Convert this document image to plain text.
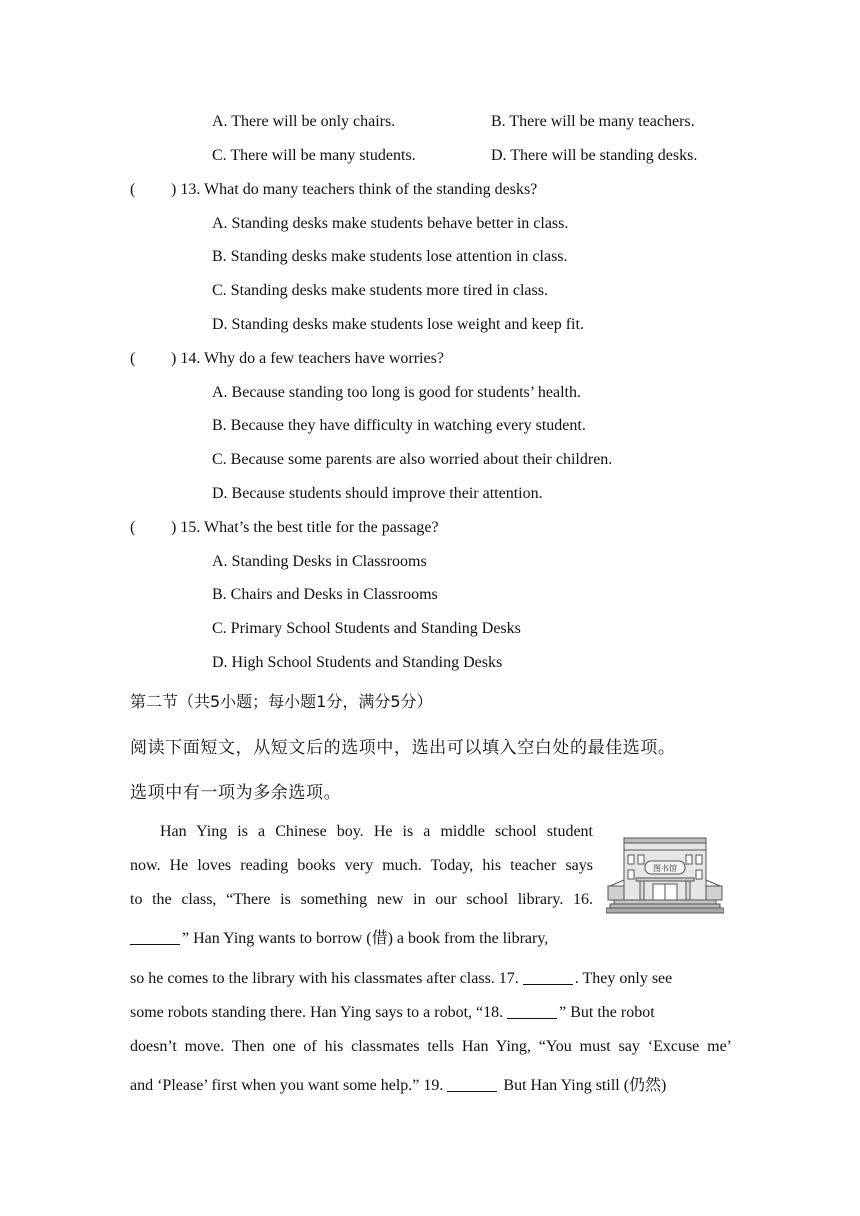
A. There will be only chairs.	B. There will be many teachers.
C. There will be many students.	D. There will be standing desks.
( ) 13. What do many teachers think of the standing desks?
A. Standing desks make students behave better in class.
B. Standing desks make students lose attention in class.
C. Standing desks make students more tired in class.
D. Standing desks make students lose weight and keep fit.
( ) 14. Why do a few teachers have worries?
A. Because standing too long is good for students’ health.
B. Because they have difficulty in watching every student.
C. Because some parents are also worried about their children.
D. Because students should improve their attention.
( ) 15. What’s the best title for the passage?
A. Standing Desks in Classrooms
B. Chairs and Desks in Classrooms
C. Primary School Students and Standing Desks
D. High School Students and Standing Desks
第二节（共5小题；每小题1分，满分5分）
阅读下面短文，从短文后的选项中，选出可以填入空白处的最佳选项。
选项中有一项为多余选项。
图书馆
Han Ying is a Chinese boy. He is a middle school student
now. He loves reading books very much. Today, his teacher says
to the class, “There is something new in our school library. 16.
” Han Ying wants to borrow (借) a book from the library,
so he comes to the library with his classmates after class. 17.	. They only see
some robots standing there. Han Ying says to a robot, “18.	” But the robot
doesn’t move. Then one of his classmates tells Han Ying, “You must say ‘Excuse me’
and ‘Please’ first when you want some help.” 19.	But Han Ying still (仍然)
